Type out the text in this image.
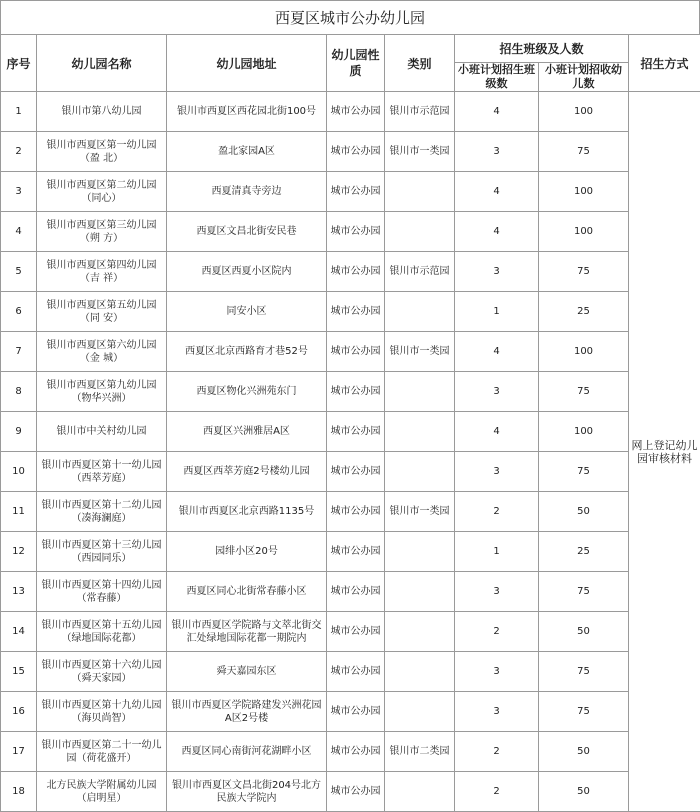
西夏区城市公办幼儿园
序号	幼儿园名称	幼儿园地址	幼儿园性质	类别	招生班级及人数		招生方式
					小班计划招生班级数	小班计划招收幼儿数	
1	银川市第八幼儿园	银川市西夏区西花园北街100号	城市公办园	银川市示范园	4	100	网上登记幼儿园审核材料
2	银川市西夏区第一幼儿园（盈 北）	盈北家园A区	城市公办园	银川市一类园	3	75	
3	银川市西夏区第二幼儿园（同心）	西夏清真寺旁边	城市公办园		4	100	
4	银川市西夏区第三幼儿园（朔 方）	西夏区文昌北街安民巷	城市公办园		4	100	
5	银川市西夏区第四幼儿园（吉 祥）	西夏区西夏小区院内	城市公办园	银川市示范园	3	75	
6	银川市西夏区第五幼儿园（同 安）	同安小区	城市公办园		1	25	
7	银川市西夏区第六幼儿园（金 城）	西夏区北京西路育才巷52号	城市公办园	银川市一类园	4	100	
8	银川市西夏区第九幼儿园（物华兴洲）	西夏区物化兴洲苑东门	城市公办园		3	75	
9	银川市中关村幼儿园	西夏区兴洲雅居A区	城市公办园		4	100	
10	银川市西夏区第十一幼儿园（西萃芳庭）	西夏区西萃芳庭2号楼幼儿园	城市公办园		3	75	
11	银川市西夏区第十二幼儿园（凑海澜庭）	银川市西夏区北京西路1135号	城市公办园	银川市一类园	2	50	
12	银川市西夏区第十三幼儿园（西园同乐）	园绯小区20号	城市公办园		1	25	
13	银川市西夏区第十四幼儿园（常春藤）	西夏区同心北街常春藤小区	城市公办园		3	75	
14	银川市西夏区第十五幼儿园（绿地国际花都）	银川市西夏区学院路与文萃北街交汇处绿地国际花都一期院内	城市公办园		2	50	
15	银川市西夏区第十六幼儿园（舜天家园）	舜天嘉园东区	城市公办园		3	75	
16	银川市西夏区第十九幼儿园（海贝尚智）	银川市西夏区学院路建发兴洲花园A区2号楼	城市公办园		3	75	
17	银川市西夏区第二十一幼儿园（荷花盛开）	西夏区同心南街河花湖畔小区	城市公办园	银川市二类园	2	50	
18	北方民族大学附属幼儿园（启明星）	银川市西夏区文昌北街204号北方民族大学院内	城市公办园		2	50	
